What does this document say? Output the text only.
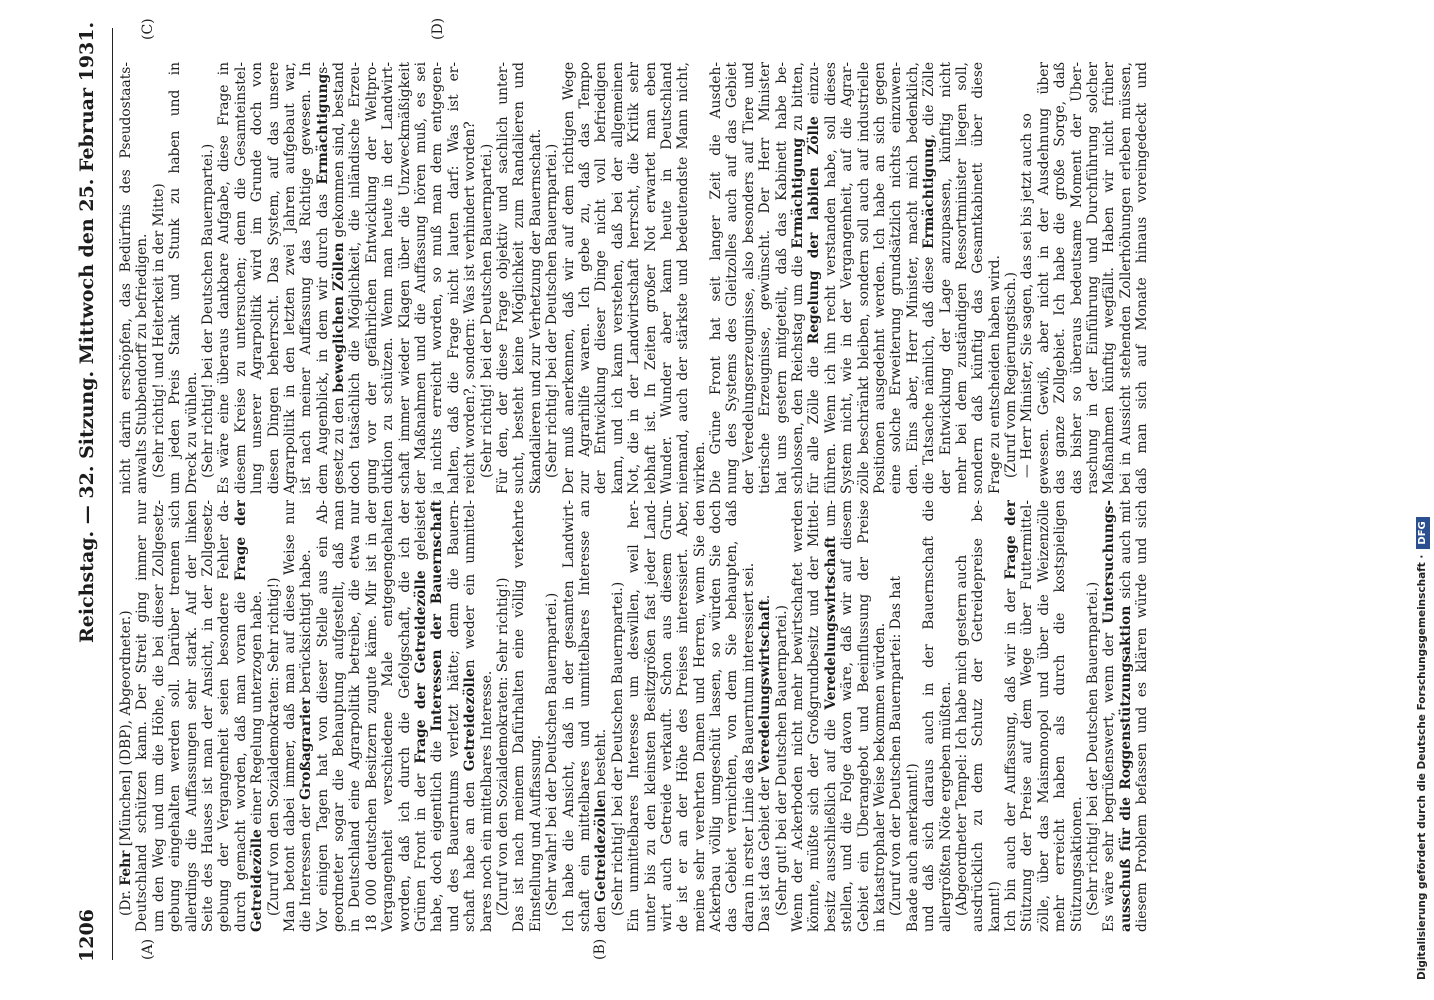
1206
Reichstag. — 32. Sitzung. Mittwoch den 25. Februar 1931.
(A)	(B)
(C)	(D)
(Dr. Fehr [München] (DBP), Abgeordneter.) Deutschland schützen kann. Der Streit ging immer nur um den Weg und um die Höhe, die bei dieser Zollgesetz- gebung eingehalten werden soll. Darüber trennen sich allerdings die Auffassungen sehr stark. Auf der linken Seite des Hauses ist man der Ansicht, in der Zollgesetz- gebung der Vergangenheit seien besondere Fehler da- durch gemacht worden, daß man voran die Frage der
Getreidezölle einer Regelung unterzogen habe. (Zuruf von den Sozialdemokraten: Sehr richtig!) Man betont dabei immer, daß man auf diese Weise nur die Interessen der Großagrarier berücksichtigt habe. Vor einigen Tagen hat von dieser Stelle aus ein Ab- geordneter sogar die Behauptung aufgestellt, daß man in Deutschland eine Agrarpolitik betreibe, die etwa nur 18 000 deutschen Besitzern zugute käme. Mir ist in der Vergangenheit verschiedene Male entgegengehalten worden, daß ich durch die Gefolgschaft, die ich der Grünen Front in der Frage der Getreidezölle geleistet
habe, doch eigentlich die Interessen der Bauernschaft und des Bauerntums verletzt hätte; denn die Bauern- schaft habe an den Getreidezöllen weder ein unmittel-
bares noch ein mittelbares Interesse. (Zuruf von den Sozialdemokraten: Sehr richtig!) Das ist nach meinem Dafürhalten eine völlig verkehrte Einstellung und Auffassung. (Sehr wahr! bei der Deutschen Bauernpartei.) Ich habe die Ansicht, daß in der gesamten Landwirt- schaft ein mittelbares und unmittelbares Interesse an den Getreidezöllen besteht. (Sehr richtig! bei der Deutschen Bauernpartei.) Ein unmittelbares Interesse um deswillen, weil her- unter bis zu den kleinsten Besitzgrößen fast jeder Land- wirt auch Getreide verkauft. Schon aus diesem Grun- de ist er an der Höhe des Preises interessiert. Aber, meine sehr verehrten Damen und Herren, wenn Sie den Ackerbau völlig umgeschüt lassen, so würden Sie doch das Gebiet vernichten, von dem Sie behaupten, daß daran in erster Linie das Bauerntum interessiert sei. Das ist das Gebiet der Veredelungswirtschaft.
(Sehr gut! bei der Deutschen Bauernpartei.) Wenn der Ackerboden nicht mehr bewirtschaftet werden könnte, müßte sich der Großgrundbesitz und der Mittel- besitz ausschließlich auf die Veredelungswirtschaft um- stellen, und die Folge davon wäre, daß wir auf diesem Gebiet ein Überangebot und Beeinflussung der Preise in katastrophaler Weise bekommen würden. (Zuruf von der Deutschen Bauernpartei: Das hat Baade auch anerkannt!) und daß sich daraus auch in der Bauernschaft die allergrößten Nöte ergeben müßten. (Abgeordneter Tempel: Ich habe mich gestern auch ausdrücklich zu dem Schutz der Getreidepreise be- kannt!) Ich bin auch der Auffassung, daß wir in der Frage der Stützung der Preise auf dem Wege über Futtermittel- zölle, über das Maismonopol und über die Weizenzölle mehr erreicht haben als durch die kostspieligen Stützungsaktionen. (Sehr richtig! bei der Deutschen Bauernpartei.) Es wäre sehr begrüßenswert, wenn der Untersuchungs-
ausschuß für die Roggenstützungsaktion sich auch mit diesem Problem befassen und es klären würde und sich
nicht darin erschöpfen, das Bedürfnis des Pseudostaats- anwalts Stubbendorff zu befriedigen. (Sehr richtig! und Heiterkeit in der Mitte) um jeden Preis Stank und Stunk zu haben und in Dreck zu wühlen. (Sehr richtig! bei der Deutschen Bauernpartei.) Es wäre eine überaus dankbare Aufgabe, diese Frage in diesem Kreise zu untersuchen; denn die Gesamteinstel- lung unserer Agrarpolitik wird im Grunde doch von diesen Dingen beherrscht. Das System, auf das unsere Agrarpolitik in den letzten zwei Jahren aufgebaut war, ist nach meiner Auffassung das Richtige gewesen. In dem Augenblick, in dem wir durch das Ermächtigungs-
gesetz zu den beweglichen Zöllen gekommen sind, bestand doch tatsächlich die Möglichkeit, die inländische Erzeu- gung vor der gefährlichen Entwicklung der Weltpro- duktion zu schützen. Wenn man heute in der Landwirt- schaft immer wieder Klagen über die Unzweckmäßigkeit der Maßnahmen und die Auffassung hören muß, es sei ja nichts erreicht worden, so muß man dem entgegen- halten, daß die Frage nicht lauten darf: Was ist er- reicht worden?, sondern: Was ist verhindert worden? (Sehr richtig! bei der Deutschen Bauernpartei.) Für den, der diese Frage objektiv und sachlich unter- sucht, besteht keine Möglichkeit zum Randalieren und Skandalieren und zur Verhetzung der Bauernschaft. (Sehr richtig! bei der Deutschen Bauernpartei.) Der muß anerkennen, daß wir auf dem richtigen Wege zur Agrarhilfe waren. Ich gebe zu, daß das Tempo der Entwicklung dieser Dinge nicht voll befriedigen kann, und ich kann verstehen, daß bei der allgemeinen Not, die in der Landwirtschaft herrscht, die Kritik sehr lebhaft ist. In Zeiten großer Not erwartet man eben Wunder. Wunder aber kann heute in Deutschland niemand, auch der stärkste und bedeutendste Mann nicht, wirken. Die Grüne Front hat seit langer Zeit die Ausdeh- nung des Systems des Gleitzolles auch auf das Gebiet der Veredelungserzeugnisse, also besonders auf Tiere und tierische Erzeugnisse, gewünscht. Der Herr Minister hat uns gestern mitgeteilt, daß das Kabinett habe be- schlossen, den Reichstag um die Ermächtigung zu bitten,
für alle Zölle die Regelung der labilen Zölle einzu- führen. Wenn ich ihn recht verstanden habe, soll dieses System nicht, wie in der Vergangenheit, auf die Agrar- zölle beschränkt bleiben, sondern soll auch auf industrielle Positionen ausgedehnt werden. Ich habe an sich gegen eine solche Erweiterung grundsätzlich nichts einzuwen- den. Eins aber, Herr Minister, macht mich bedenklich, die Tatsache nämlich, daß diese Ermächtigung, die Zölle der Entwicklung der Lage anzupassen, künftig nicht mehr bei dem zuständigen Ressortminister liegen soll, sondern daß künftig das Gesamtkabinett über diese Frage zu entscheiden haben wird. (Zuruf vom Regierungstisch.) — Herr Minister, Sie sagen, das sei bis jetzt auch so gewesen. Gewiß, aber nicht in der Ausdehnung über das ganze Zollgebiet. Ich habe die große Sorge, daß das bisher so überaus bedeutsame Moment der Über- raschung in der Einführung und Durchführung solcher Maßnahmen künftig wegfällt. Haben wir nicht früher bei in Aussicht stehenden Zollerhöhungen erleben müssen, daß man sich auf Monate hinaus voreingedeckt und
Digitalisierung gefördert durch die Deutsche Forschungsgemeinschaft ·DFG
